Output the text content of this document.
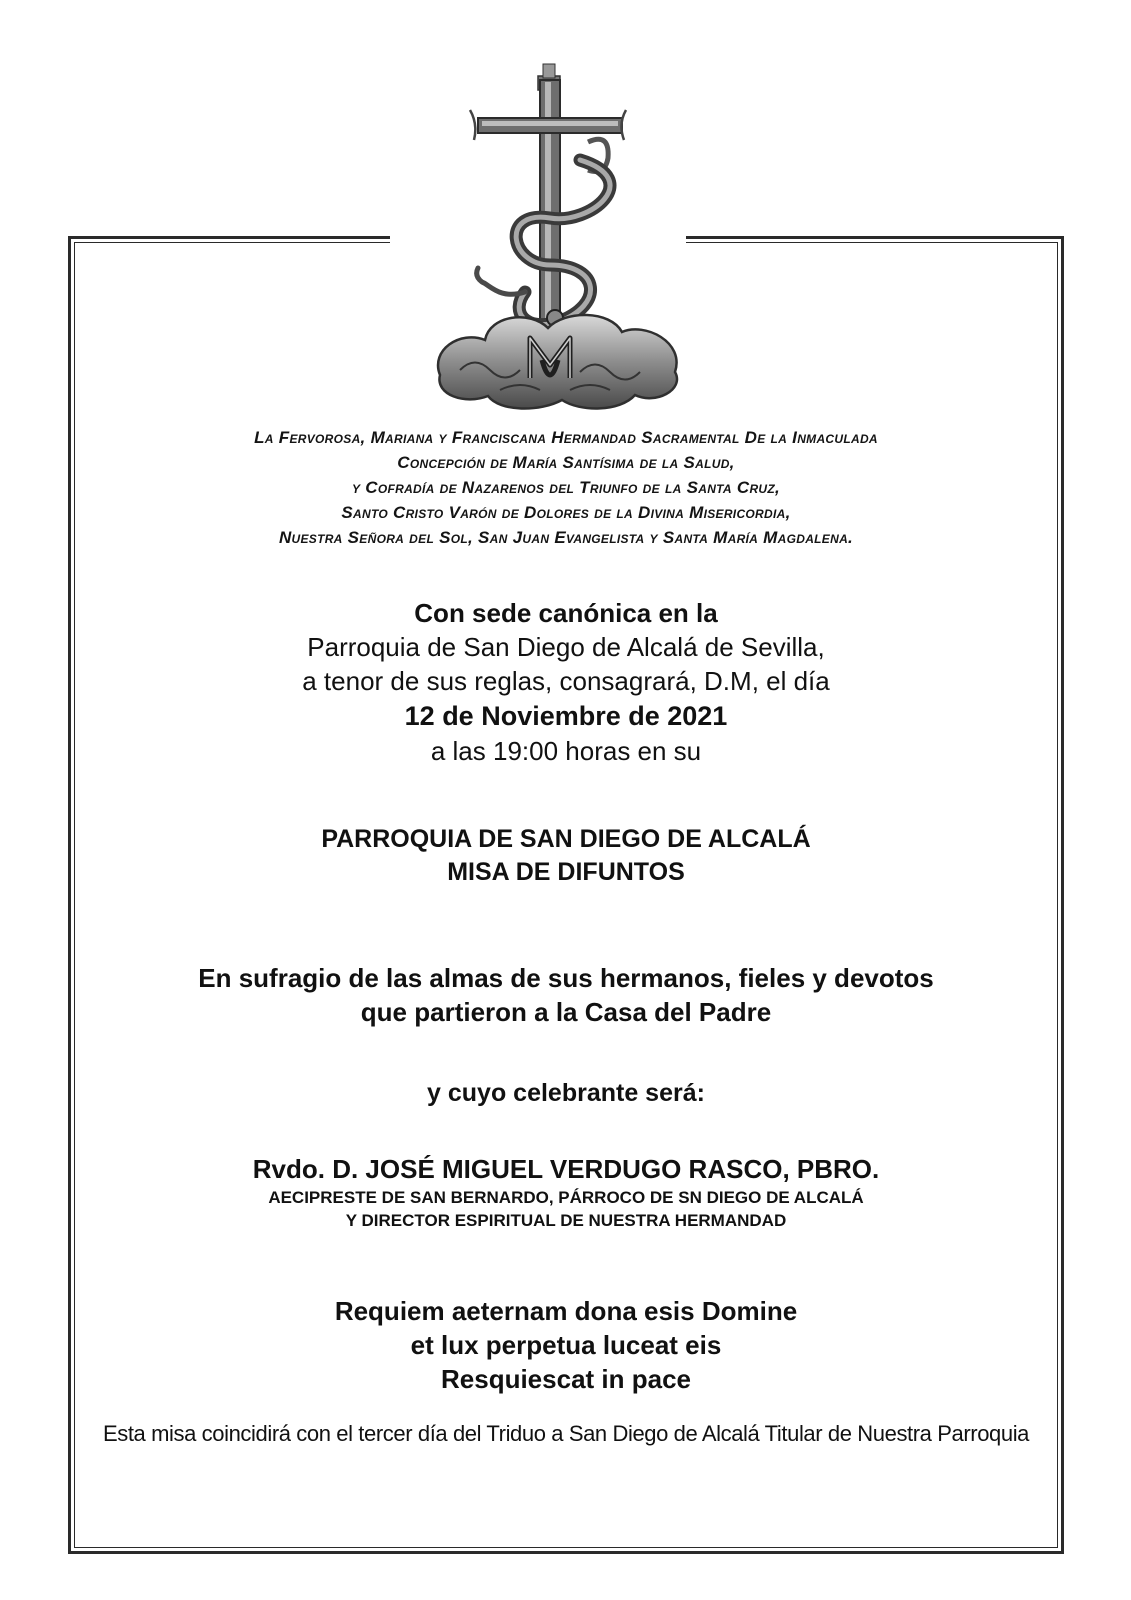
La Fervorosa, Mariana y Franciscana Hermandad Sacramental De la Inmaculada
Concepción de María Santísima de la Salud,
y Cofradía de Nazarenos del Triunfo de la Santa Cruz,
Santo Cristo Varón de Dolores de la Divina Misericordia,
Nuestra Señora del Sol, San Juan Evangelista y Santa María Magdalena.
Con sede canónica en la
Parroquia de San Diego de Alcalá de Sevilla,
a tenor de sus reglas, consagrará, D.M, el día
12 de Noviembre de 2021
a las 19:00 horas en su
PARROQUIA DE SAN DIEGO DE ALCALÁ
MISA DE DIFUNTOS
En sufragio de las almas de sus hermanos, fieles y devotos
que partieron a la Casa del Padre
y cuyo celebrante será:
Rvdo. D. JOSÉ MIGUEL VERDUGO RASCO, PBRO.
AECIPRESTE DE SAN BERNARDO, PÁRROCO DE SN DIEGO DE ALCALÁ
Y DIRECTOR ESPIRITUAL DE NUESTRA HERMANDAD
Requiem aeternam dona esis Domine
et lux perpetua luceat eis
Resquiescat in pace
Esta misa coincidirá con el tercer día del Triduo a San Diego de Alcalá Titular de Nuestra Parroquia
